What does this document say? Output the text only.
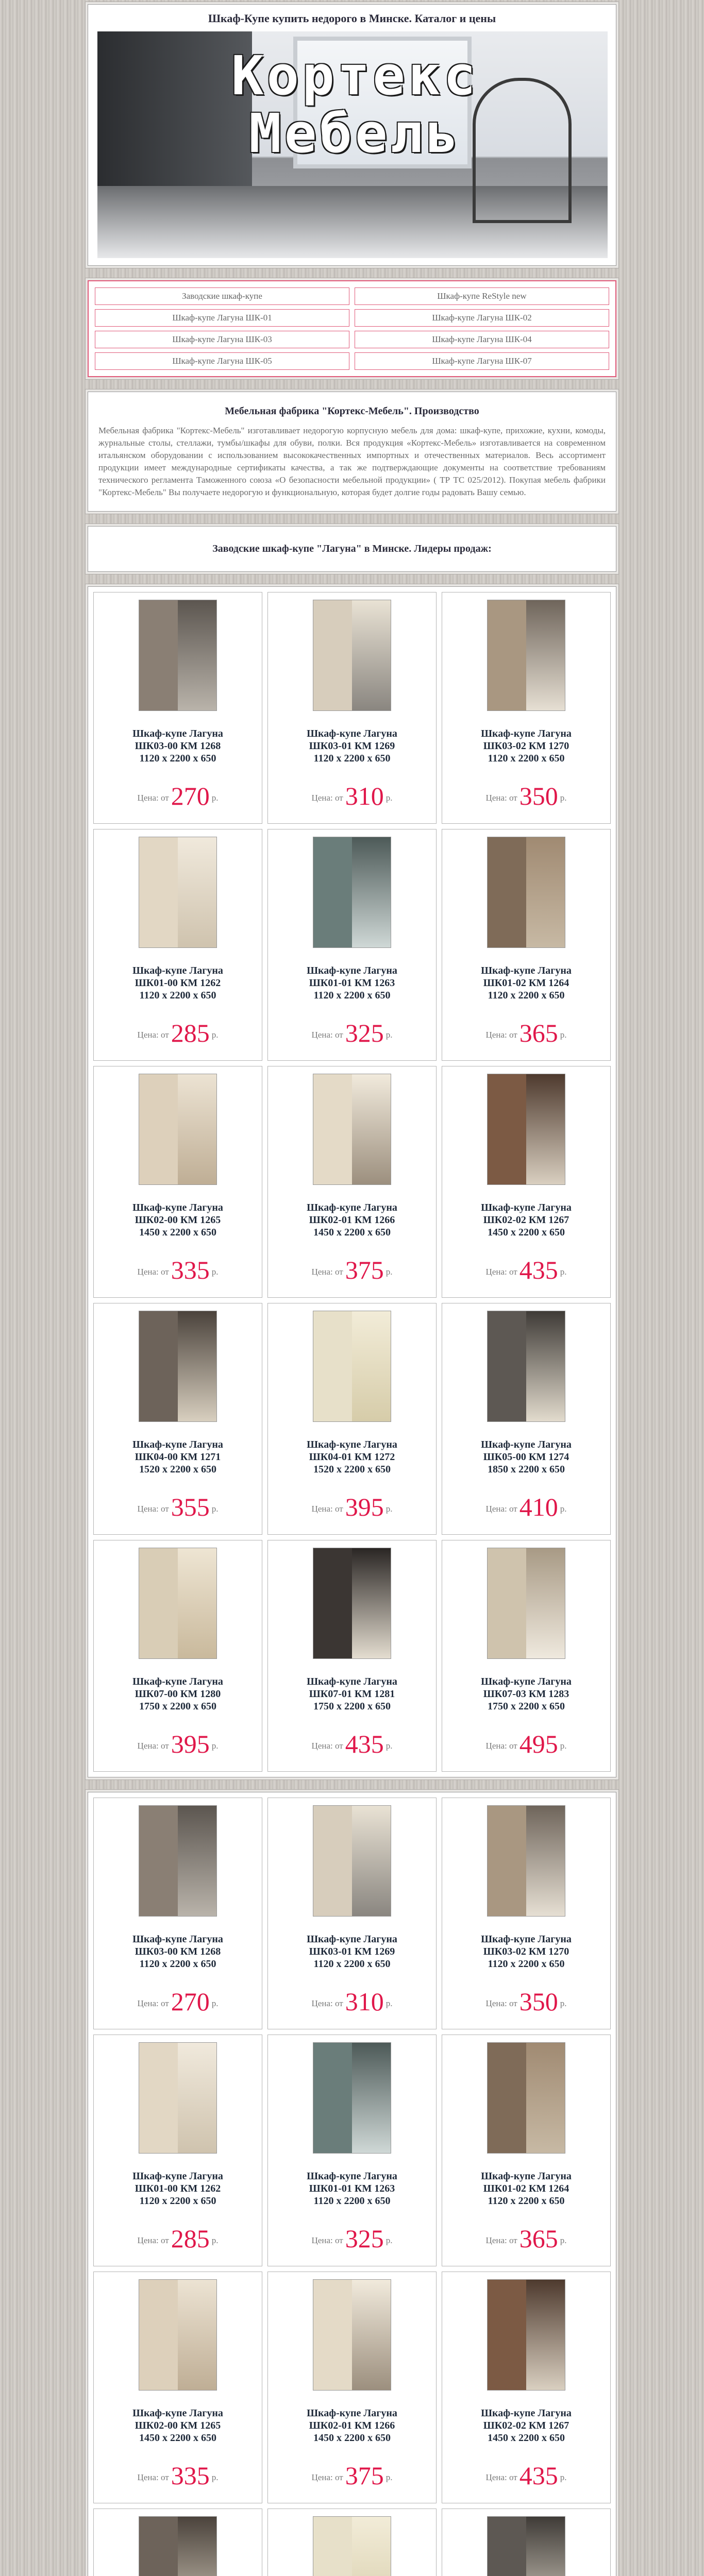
Шкаф-Купе купить недорого в Минске. Каталог и цены
Кортекс
Мебель
Заводские шкаф-купе	Шкаф-купе ReStyle new
Шкаф-купе Лагуна ШК-01	Шкаф-купе Лагуна ШК-02
Шкаф-купе Лагуна ШК-03	Шкаф-купе Лагуна ШК-04
Шкаф-купе Лагуна ШК-05	Шкаф-купе Лагуна ШК-07
Мебельная фабрика "Кортекс-Мебель". Производство

Мебельная фабрика "Кортекс-Мебель" изготавливает недорогую корпусную мебель для дома: шкаф-купе, прихожие, кухни, комоды, журнальные столы, стеллажи, тумбы/шкафы для обуви, полки. Вся продукция «Кортекс-Мебель» изготавливается на современном итальянском оборудовании с использованием высококачественных импортных и отечественных материалов. Весь ассортимент продукции имеет международные сертификаты качества, а так же подтверждающие документы на соответствие требованиям технического регламента Таможенного союза «О безопасности мебельной продукции» ( ТР ТС 025/2012). Покупая мебель фабрики "Кортекс-Мебель" Вы получаете недорогую и функциональную, которая будет долгие годы радовать Вашу семью.

Заводские шкаф-купе "Лагуна" в Минске. Лидеры продаж:
Шкаф-купе Лагуна
ШК03-00 КМ 1268
1120 х 2200 х 650
Цена: от270 р.
Шкаф-купе Лагуна
ШК03-01 КМ 1269
1120 х 2200 х 650
Цена: от310 р.
Шкаф-купе Лагуна
ШК03-02 КМ 1270
1120 х 2200 х 650
Цена: от350 р.
Шкаф-купе Лагуна
ШК01-00 КМ 1262
1120 х 2200 х 650
Цена: от285 р.
Шкаф-купе Лагуна
ШК01-01 КМ 1263
1120 х 2200 х 650
Цена: от325 р.
Шкаф-купе Лагуна
ШК01-02 КМ 1264
1120 х 2200 х 650
Цена: от365 р.
Шкаф-купе Лагуна
ШК02-00 КМ 1265
1450 х 2200 х 650
Цена: от335 р.
Шкаф-купе Лагуна
ШК02-01 КМ 1266
1450 х 2200 х 650
Цена: от375 р.
Шкаф-купе Лагуна
ШК02-02 КМ 1267
1450 х 2200 х 650
Цена: от435 р.
Шкаф-купе Лагуна
ШК04-00 КМ 1271
1520 х 2200 х 650
Цена: от355 р.
Шкаф-купе Лагуна
ШК04-01 КМ 1272
1520 х 2200 х 650
Цена: от395 р.
Шкаф-купе Лагуна
ШК05-00 КМ 1274
1850 х 2200 х 650
Цена: от410 р.
Шкаф-купе Лагуна
ШК07-00 КМ 1280
1750 х 2200 х 650
Цена: от395 р.
Шкаф-купе Лагуна
ШК07-01 КМ 1281
1750 х 2200 х 650
Цена: от435 р.
Шкаф-купе Лагуна
ШК07-03 КМ 1283
1750 х 2200 х 650
Цена: от495 р.
Шкаф-купе Лагуна
ШК03-00 КМ 1268
1120 х 2200 х 650
Цена: от270 р.
Шкаф-купе Лагуна
ШК03-01 КМ 1269
1120 х 2200 х 650
Цена: от310 р.
Шкаф-купе Лагуна
ШК03-02 КМ 1270
1120 х 2200 х 650
Цена: от350 р.
Шкаф-купе Лагуна
ШК01-00 КМ 1262
1120 х 2200 х 650
Цена: от285 р.
Шкаф-купе Лагуна
ШК01-01 КМ 1263
1120 х 2200 х 650
Цена: от325 р.
Шкаф-купе Лагуна
ШК01-02 КМ 1264
1120 х 2200 х 650
Цена: от365 р.
Шкаф-купе Лагуна
ШК02-00 КМ 1265
1450 х 2200 х 650
Цена: от335 р.
Шкаф-купе Лагуна
ШК02-01 КМ 1266
1450 х 2200 х 650
Цена: от375 р.
Шкаф-купе Лагуна
ШК02-02 КМ 1267
1450 х 2200 х 650
Цена: от435 р.
